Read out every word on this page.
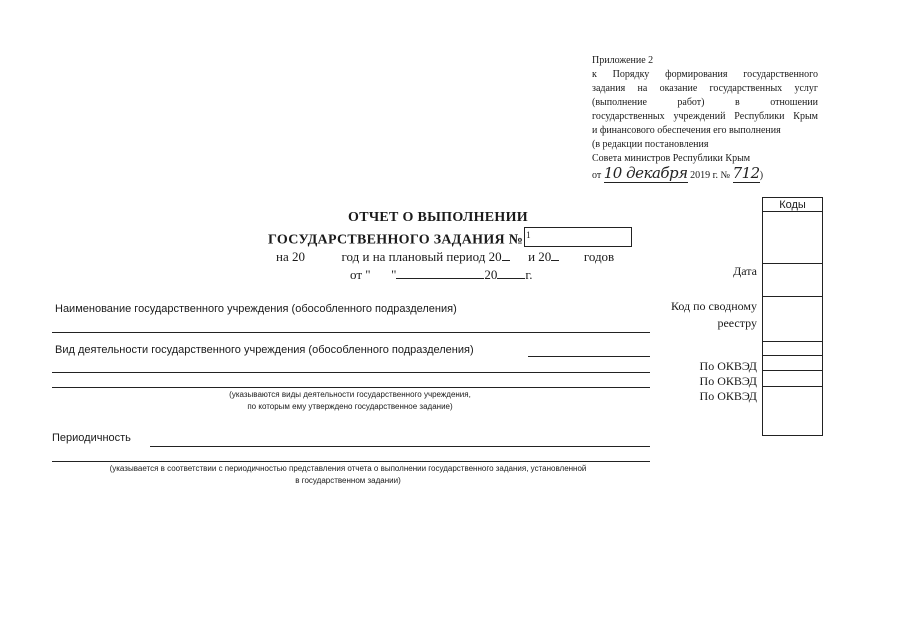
Приложение 2
к Порядку формирования государственного
задания на оказание государственных услуг
(выполнение работ) в отношении
государственных учреждений Республики Крым
и финансового обеспечения его выполнения
(в редакции постановления
Совета министров Республики Крым
от 10 декабря 2019 г. № 712)
ОТЧЕТ О ВЫПОЛНЕНИИ
ГОСУДАРСТВЕННОГО ЗАДАНИЯ № $^1$
на 20	год и на плановый период 20 и 20	годов
от " "	20 г.
Наименование государственного учреждения (обособленного подразделения)
Вид деятельности государственного учреждения (обособленного подразделения)
(указываются виды деятельности государственного учреждения,
по которым ему утверждено государственное задание)
Периодичность
(указывается в соответствии с периодичностью представления отчета о выполнении государственного задания, установленной
в государственном задании)
Коды
Дата
Код по сводному
реестру
По ОКВЭД
По ОКВЭД
По ОКВЭД
